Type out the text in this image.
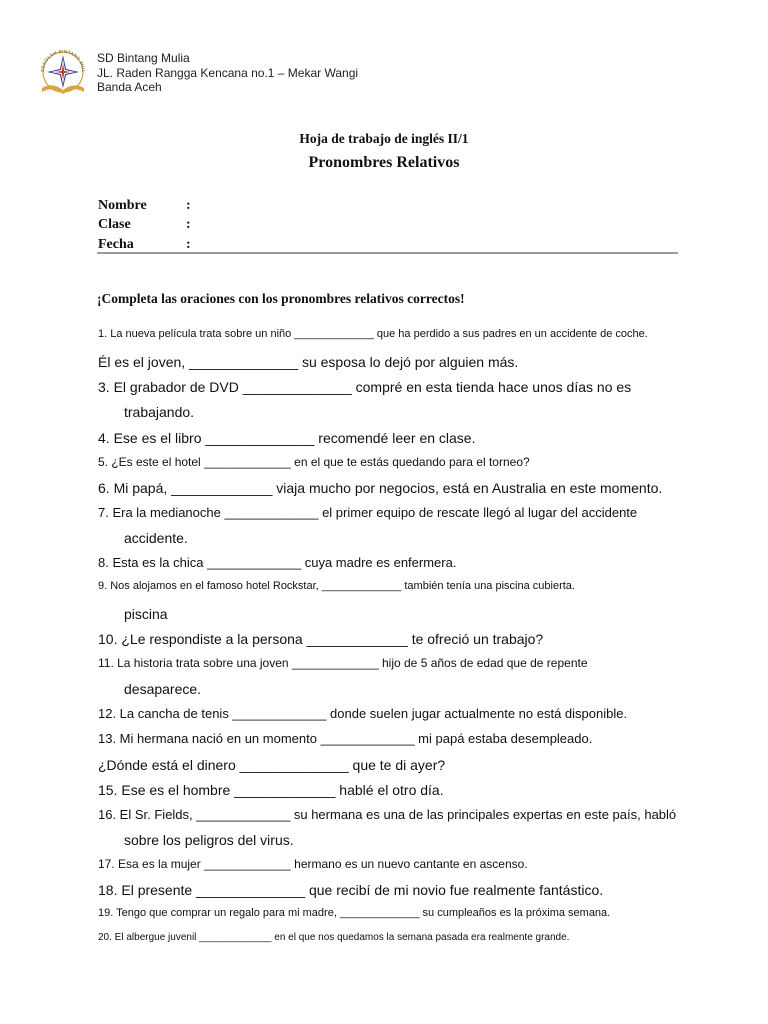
SEKOLAH BINTANG MUL
SD Bintang Mulia
JL. Raden Rangga Kencana no.1 – Mekar Wangi
Banda Aceh
Hoja de trabajo de inglés II/1
Pronombres Relativos
Nombre	:
Clase	:
Fecha	:
¡Completa las oraciones con los pronombres relativos correctos!
1. La nueva película trata sobre un niño _____________ que ha perdido a sus padres en un accidente de coche.
Él es el joven, ______________ su esposa lo dejó por alguien más.
3. El grabador de DVD ______________ compré en esta tienda hace unos días no es
trabajando.
4. Ese es el libro ______________ recomendé leer en clase.
5. ¿Es este el hotel _____________ en el que te estás quedando para el torneo?
6. Mi papá, _____________ viaja mucho por negocios, está en Australia en este momento.
7. Era la medianoche _____________ el primer equipo de rescate llegó al lugar del accidente
accidente.
8. Esta es la chica _____________ cuya madre es enfermera.
9. Nos alojamos en el famoso hotel Rockstar, _____________ también tenía una piscina cubierta.
piscina
10. ¿Le respondiste a la persona _____________ te ofreció un trabajo?
11. La historia trata sobre una joven _____________ hijo de 5 años de edad que de repente
desaparece.
12. La cancha de tenis _____________ donde suelen jugar actualmente no está disponible.
13. Mi hermana nació en un momento _____________ mi papá estaba desempleado.
¿Dónde está el dinero ______________ que te di ayer?
15. Ese es el hombre _____________ hablé el otro día.
16. El Sr. Fields, _____________ su hermana es una de las principales expertas en este país, habló
sobre los peligros del virus.
17. Esa es la mujer _____________ hermano es un nuevo cantante en ascenso.
18. El presente ______________ que recibí de mi novio fue realmente fantástico.
19. Tengo que comprar un regalo para mi madre, _____________ su cumpleaños es la próxima semana.
20. El albergue juvenil _____________ en el que nos quedamos la semana pasada era realmente grande.
